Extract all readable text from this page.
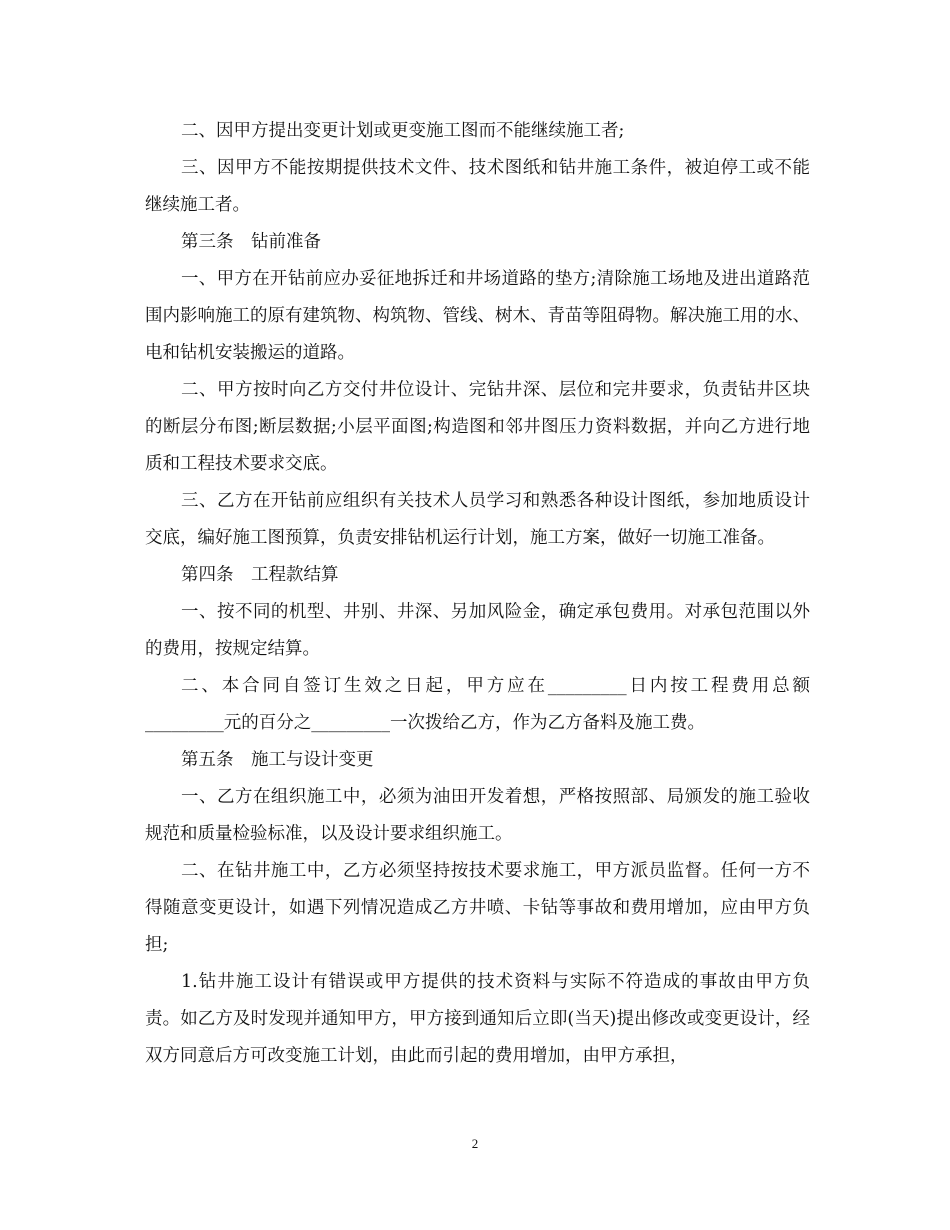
二、因甲方提出变更计划或更变施工图而不能继续施工者;

三、因甲方不能按期提供技术文件、技术图纸和钻井施工条件，被迫停工或不能继续施工者。

第三条　钻前准备

一、甲方在开钻前应办妥征地拆迁和井场道路的垫方;清除施工场地及进出道路范围内影响施工的原有建筑物、构筑物、管线、树木、青苗等阻碍物。解决施工用的水、电和钻机安装搬运的道路。

二、甲方按时向乙方交付井位设计、完钻井深、层位和完井要求，负责钻井区块的断层分布图;断层数据;小层平面图;构造图和邻井图压力资料数据，并向乙方进行地质和工程技术要求交底。

三、乙方在开钻前应组织有关技术人员学习和熟悉各种设计图纸，参加地质设计交底，编好施工图预算，负责安排钻机运行计划，施工方案，做好一切施工准备。

第四条　工程款结算

一、按不同的机型、井别、井深、另加风险金，确定承包费用。对承包范围以外的费用，按规定结算。

二、本合同自签订生效之日起，甲方应在_________日内按工程费用总额_________元的百分之_________一次拨给乙方，作为乙方备料及施工费。

第五条　施工与设计变更

一、乙方在组织施工中，必须为油田开发着想，严格按照部、局颁发的施工验收规范和质量检验标准，以及设计要求组织施工。

二、在钻井施工中，乙方必须坚持按技术要求施工，甲方派员监督。任何一方不得随意变更设计，如遇下列情况造成乙方井喷、卡钻等事故和费用增加，应由甲方负担;

1.钻井施工设计有错误或甲方提供的技术资料与实际不符造成的事故由甲方负责。如乙方及时发现并通知甲方，甲方接到通知后立即(当天)提出修改或变更设计，经双方同意后方可改变施工计划，由此而引起的费用增加，由甲方承担，

2
